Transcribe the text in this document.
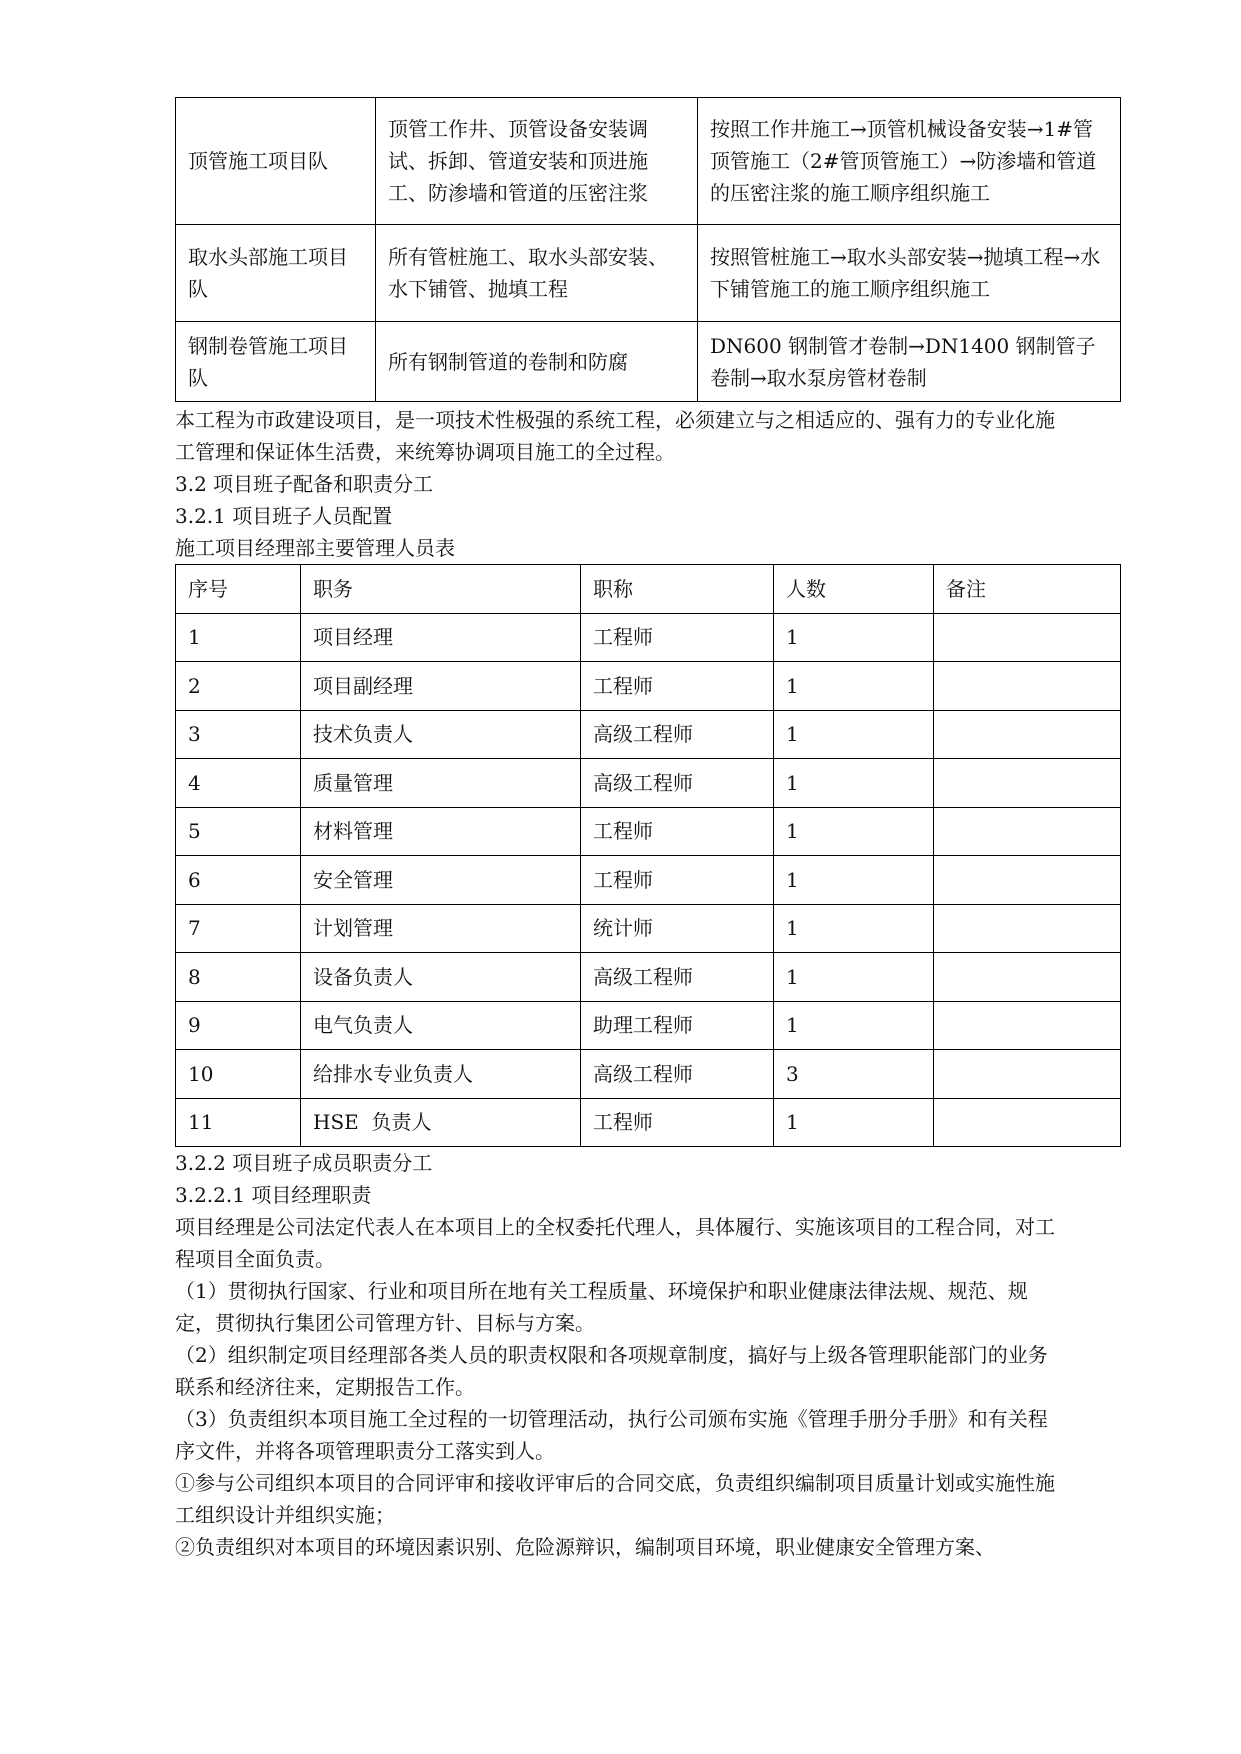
顶管施工项目队	顶管工作井、顶管设备安装调试、拆卸、管道安装和顶进施工、防渗墙和管道的压密注浆	按照工作井施工→顶管机械设备安装→1#管顶管施工（2#管顶管施工）→防渗墙和管道的压密注浆的施工顺序组织施工
取水头部施工项目队	所有管桩施工、取水头部安装、水下铺管、抛填工程	按照管桩施工→取水头部安装→抛填工程→水下铺管施工的施工顺序组织施工
钢制卷管施工项目队	所有钢制管道的卷制和防腐	DN600 钢制管才卷制→DN1400 钢制管子卷制→取水泵房管材卷制

本工程为市政建设项目，是一项技术性极强的系统工程，必须建立与之相适应的、强有力的专业化施工管理和保证体生活费，来统筹协调项目施工的全过程。

3.2 项目班子配备和职责分工

3.2.1 项目班子人员配置

施工项目经理部主要管理人员表

序号	职务	职称	人数	备注
1	项目经理	工程师	1	
2	项目副经理	工程师	1	
3	技术负责人	高级工程师	1	
4	质量管理	高级工程师	1	
5	材料管理	工程师	1	
6	安全管理	工程师	1	
7	计划管理	统计师	1	
8	设备负责人	高级工程师	1	
9	电气负责人	助理工程师	1	
10	给排水专业负责人	高级工程师	3	
11	HSE  负责人	工程师	1	

3.2.2 项目班子成员职责分工

3.2.2.1 项目经理职责

项目经理是公司法定代表人在本项目上的全权委托代理人，具体履行、实施该项目的工程合同，对工程项目全面负责。

（1）贯彻执行国家、行业和项目所在地有关工程质量、环境保护和职业健康法律法规、规范、规定，贯彻执行集团公司管理方针、目标与方案。

（2）组织制定项目经理部各类人员的职责权限和各项规章制度，搞好与上级各管理职能部门的业务联系和经济往来，定期报告工作。

（3）负责组织本项目施工全过程的一切管理活动，执行公司颁布实施《管理手册分手册》和有关程序文件，并将各项管理职责分工落实到人。

①参与公司组织本项目的合同评审和接收评审后的合同交底，负责组织编制项目质量计划或实施性施工组织设计并组织实施；

②负责组织对本项目的环境因素识别、危险源辩识，编制项目环境，职业健康安全管理方案、
